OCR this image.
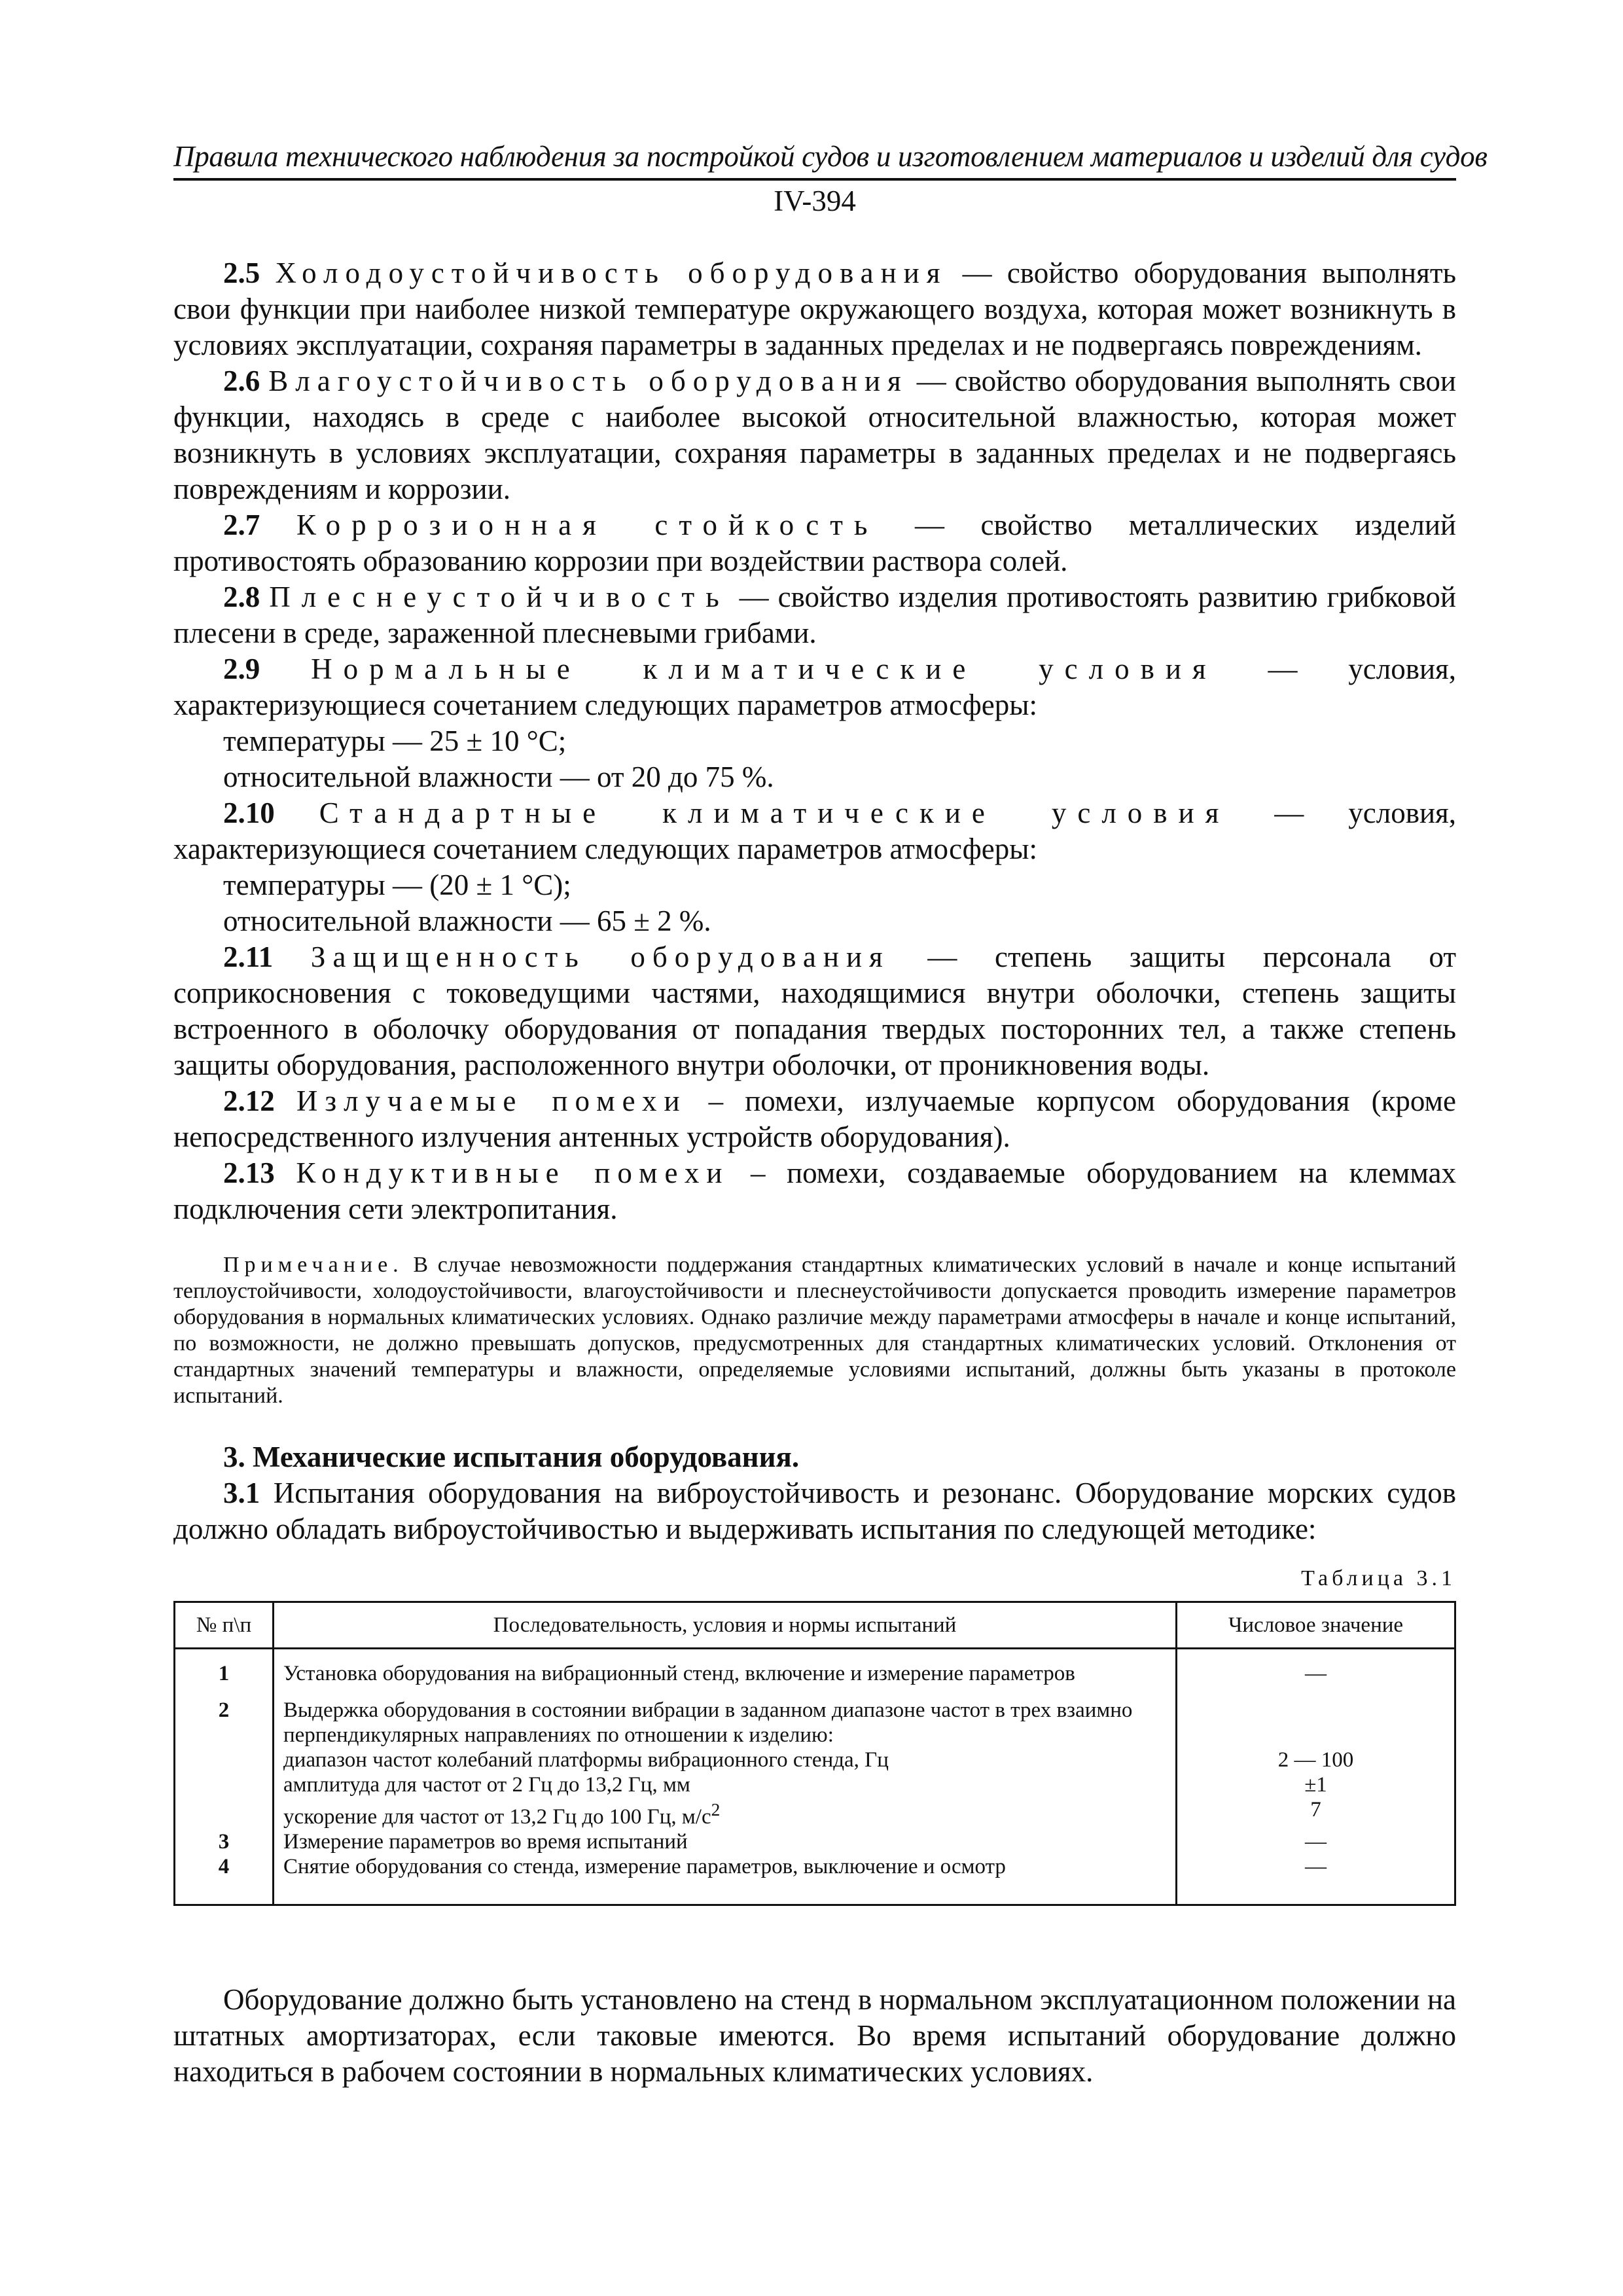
Правила технического наблюдения за постройкой судов и изготовлением материалов и изделий для судов
IV-394

2.5 Холодоустойчивость оборудования — свойство оборудования выполнять свои функции при наиболее низкой температуре окружающего воздуха, которая может возникнуть в условиях эксплуатации, сохраняя параметры в заданных пределах и не подвергаясь повреждениям.

2.6 Влагоустойчивость оборудования — свойство оборудования выполнять свои функции, находясь в среде с наиболее высокой относительной влажностью, которая может возникнуть в условиях эксплуатации, сохраняя параметры в заданных пределах и не подвергаясь повреждениям и коррозии.

2.7 Коррозионная стойкость — свойство металлических изделий противостоять образованию коррозии при воздействии раствора солей.

2.8 Плеснеустойчивость — свойство изделия противостоять развитию грибковой плесени в среде, зараженной плесневыми грибами.

2.9 Нормальные климатические условия — условия, характеризующиеся сочетанием следующих параметров атмосферы:

температуры — 25 ± 10 °С;

относительной влажности — от 20 до 75 %.

2.10 Стандартные климатические условия — условия, характеризующиеся сочетанием следующих параметров атмосферы:

температуры — (20 ± 1 °С);

относительной влажности — 65 ± 2 %.

2.11 Защищенность оборудования — степень защиты персонала от соприкосновения с токоведущими частями, находящимися внутри оболочки, степень защиты встроенного в оболочку оборудования от попадания твердых посторонних тел, а также степень защиты оборудования, расположенного внутри оболочки, от проникновения воды.

2.12 Излучаемые помехи – помехи, излучаемые корпусом оборудования (кроме непосредственного излучения антенных устройств оборудования).

2.13 Кондуктивные помехи – помехи, создаваемые оборудованием на клеммах подключения сети электропитания.

Примечание. В случае невозможности поддержания стандартных климатических условий в начале и конце испытаний теплоустойчивости, холодоустойчивости, влагоустойчивости и плеснеустойчивости допускается проводить измерение параметров оборудования в нормальных климатических условиях. Однако различие между параметрами атмосферы в начале и конце испытаний, по возможности, не должно превышать допусков, предусмотренных для стандартных климатических условий. Отклонения от стандартных значений температуры и влажности, определяемые условиями испытаний, должны быть указаны в протоколе испытаний.

3. Механические испытания оборудования.

3.1 Испытания оборудования на виброустойчивость и резонанс. Оборудование морских судов должно обладать виброустойчивостью и выдерживать испытания по следующей методике:

Таблица 3.1
№ п\п	Последовательность, условия и нормы испытаний	Числовое значение

1	Установка оборудования на вибрационный стенд, включение и измерение параметров	—

2	Выдержка оборудования в состоянии вибрации в заданном диапазоне частот в трех взаимно перпендикулярных направлениях по отношении к изделию:	
	диапазон частот колебаний платформы вибрационного стенда, Гц	2 — 100
	амплитуда для частот от 2 Гц до 13,2 Гц, мм	±1
	ускорение для частот от 13,2 Гц до 100 Гц, $м/с^2$	7
3	Измерение параметров во время испытаний	—
4	Снятие оборудования со стенда, измерение параметров, выключение и осмотр	—

Оборудование должно быть установлено на стенд в нормальном эксплуатационном положении на штатных амортизаторах, если таковые имеются. Во время испытаний оборудование должно находиться в рабочем состоянии в нормальных климатических условиях.
